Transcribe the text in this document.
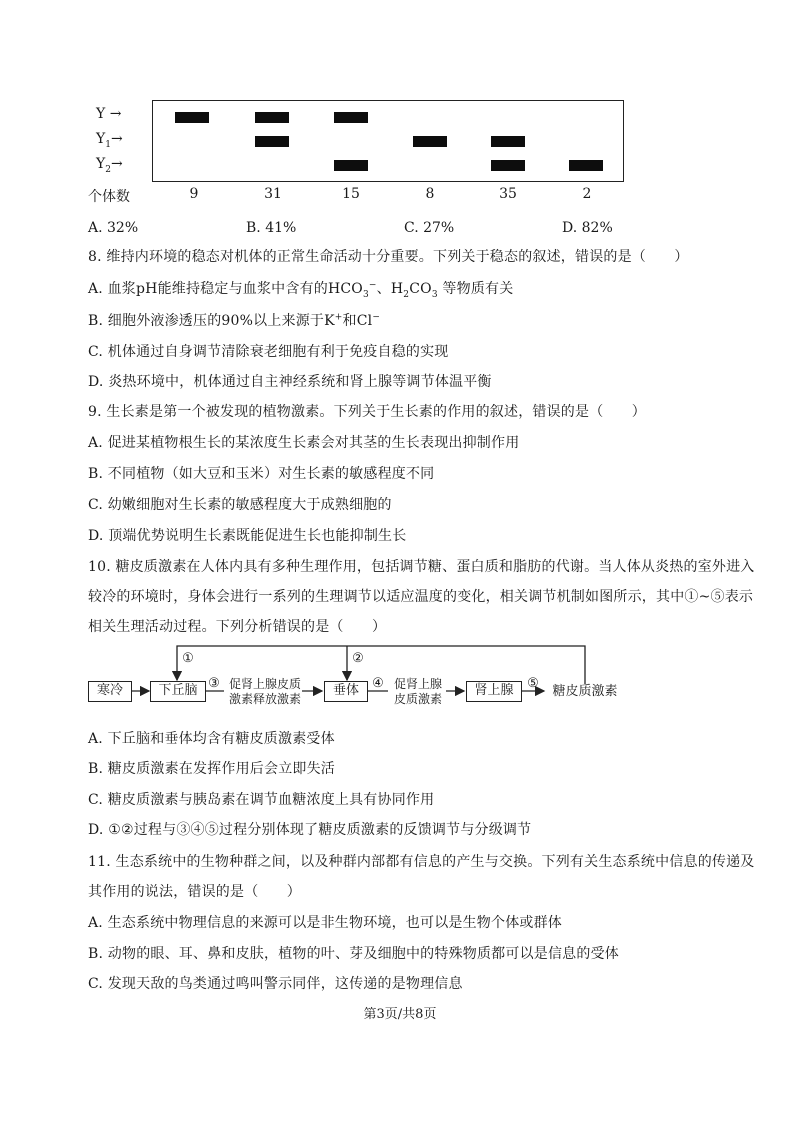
Y →
$Y_1\to$
$Y_2\to$
个体数	9	31	15	8	35	2
A. 32%	B. 41%	C. 27%	D. 82%
8. 维持内环境的稳态对机体的正常生命活动十分重要。下列关于稳态的叙述，错误的是（　　）
A. 血浆pH能维持稳定与血浆中含有的$HCO_3^-$、$H_2CO_3$ 等物质有关
B. 细胞外液渗透压的90%以上来源于K+和Cl−
C. 机体通过自身调节清除衰老细胞有利于免疫自稳的实现
D. 炎热环境中，机体通过自主神经系统和肾上腺等调节体温平衡
9. 生长素是第一个被发现的植物激素。下列关于生长素的作用的叙述，错误的是（　　）
A. 促进某植物根生长的某浓度生长素会对其茎的生长表现出抑制作用
B. 不同植物（如大豆和玉米）对生长素的敏感程度不同
C. 幼嫩细胞对生长素的敏感程度大于成熟细胞的
D. 顶端优势说明生长素既能促进生长也能抑制生长
10. 糖皮质激素在人体内具有多种生理作用，包括调节糖、蛋白质和脂肪的代谢。当人体从炎热的室外进入
较冷的环境时，身体会进行一系列的生理调节以适应温度的变化，相关调节机制如图所示，其中①~⑤表示
相关生理活动过程。下列分析错误的是（　　）
寒冷	下丘脑	促肾上腺皮质
激素释放激素
垂体	促肾上腺
皮质激素
肾上腺	糖皮质激素
①	②
③	④	⑤
A. 下丘脑和垂体均含有糖皮质激素受体
B. 糖皮质激素在发挥作用后会立即失活
C. 糖皮质激素与胰岛素在调节血糖浓度上具有协同作用
D. ①②过程与③④⑤过程分别体现了糖皮质激素的反馈调节与分级调节
11. 生态系统中的生物种群之间，以及种群内部都有信息的产生与交换。下列有关生态系统中信息的传递及
其作用的说法，错误的是（　　）
A. 生态系统中物理信息的来源可以是非生物环境，也可以是生物个体或群体
B. 动物的眼、耳、鼻和皮肤，植物的叶、芽及细胞中的特殊物质都可以是信息的受体
C. 发现天敌的鸟类通过鸣叫警示同伴，这传递的是物理信息
第3页/共8页
